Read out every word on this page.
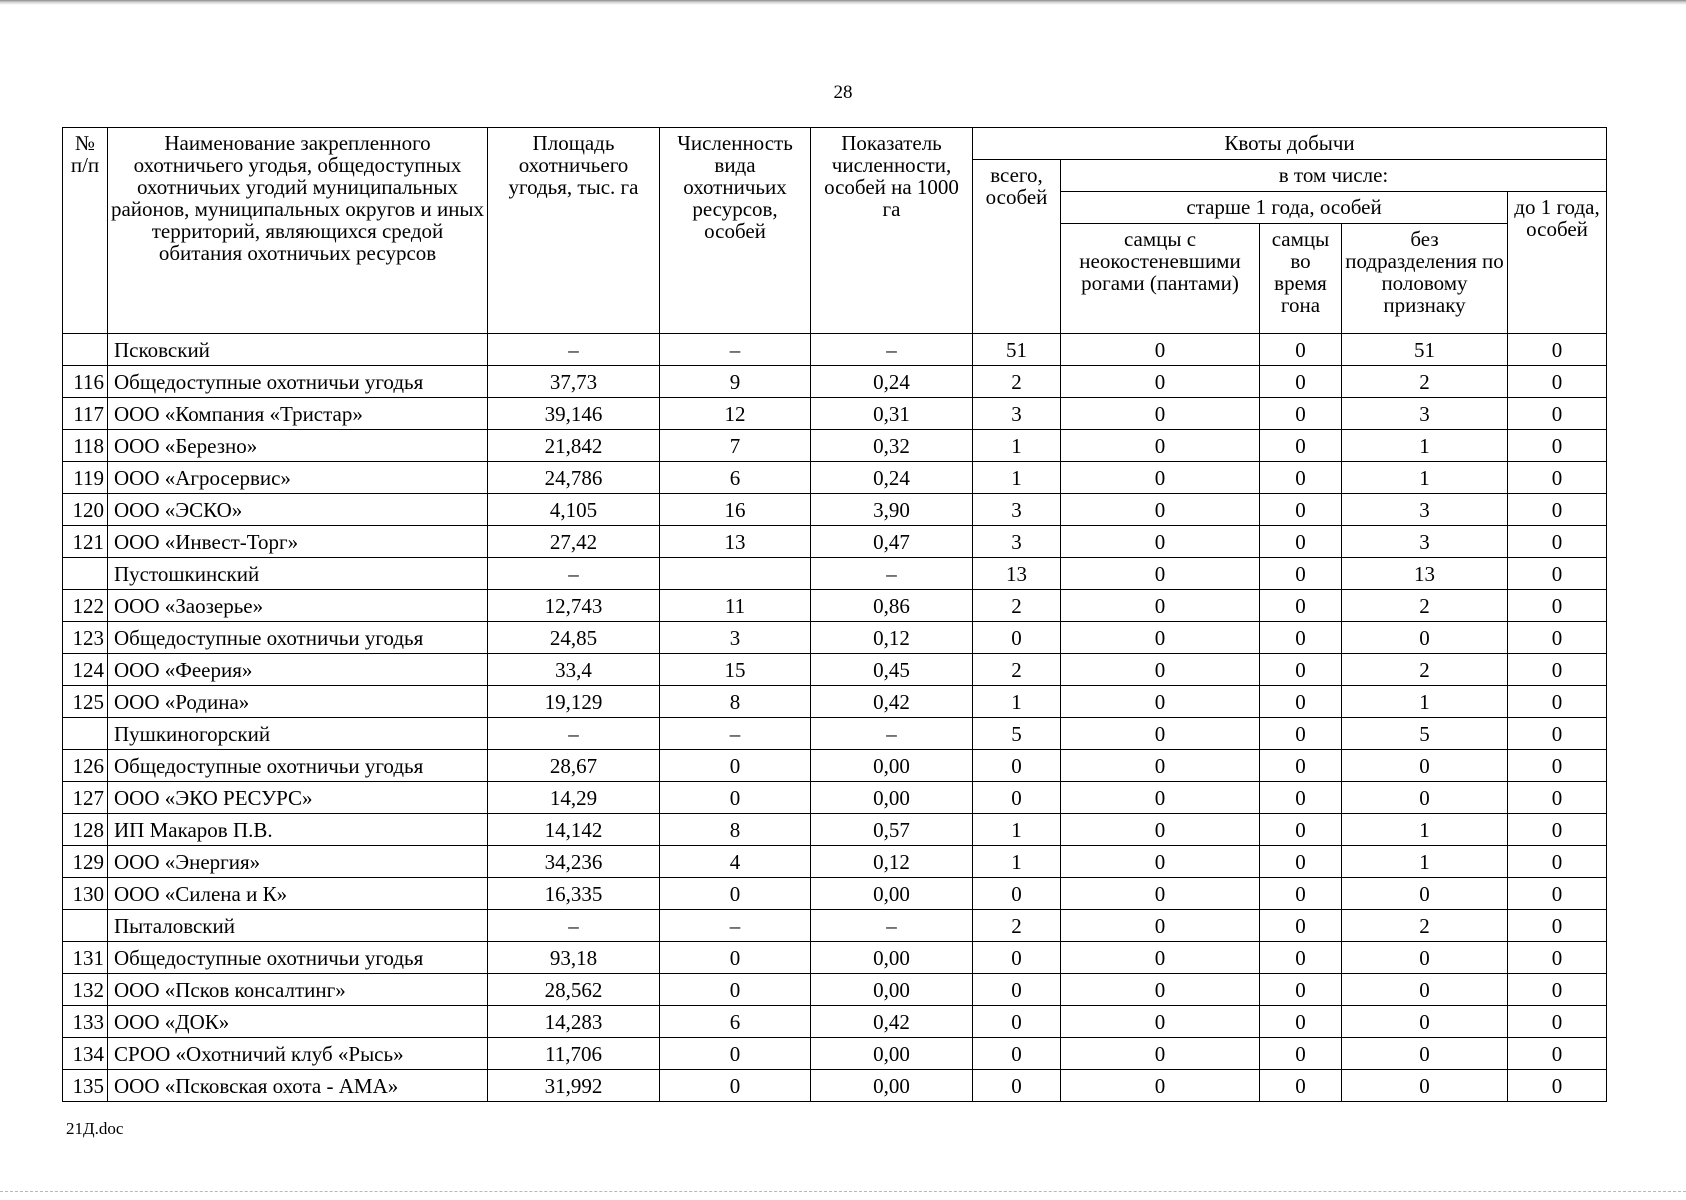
28
№ п/п	Наименование закрепленного охотничьего угодья, общедоступных охотничьих угодий муниципальных районов, муниципальных округов и иных территорий, являющихся средой обитания охотничьих ресурсов	Площадь охотничьего угодья, тыс. га	Численность вида охотничьих ресурсов, особей	Показатель численности, особей на 1000 га	Квоты добычи				
					всего, особей	в том числе:			
						старше 1 года, особей			до 1 года, особей
						самцы с неокостеневшими рогами (пантами)	самцы во время гона	без подразделения по половому признаку	
	Псковский	–	–	–	51	0	0	51	0
116	Общедоступные охотничьи угодья	37,73	9	0,24	2	0	0	2	0
117	ООО «Компания «Тристар»	39,146	12	0,31	3	0	0	3	0
118	ООО «Березно»	21,842	7	0,32	1	0	0	1	0
119	ООО «Агросервис»	24,786	6	0,24	1	0	0	1	0
120	ООО «ЭСКО»	4,105	16	3,90	3	0	0	3	0
121	ООО «Инвест-Торг»	27,42	13	0,47	3	0	0	3	0
	Пустошкинский	–		–	13	0	0	13	0
122	ООО «Заозерье»	12,743	11	0,86	2	0	0	2	0
123	Общедоступные охотничьи угодья	24,85	3	0,12	0	0	0	0	0
124	ООО «Феерия»	33,4	15	0,45	2	0	0	2	0
125	ООО «Родина»	19,129	8	0,42	1	0	0	1	0
	Пушкиногорский	–	–	–	5	0	0	5	0
126	Общедоступные охотничьи угодья	28,67	0	0,00	0	0	0	0	0
127	ООО «ЭКО РЕСУРС»	14,29	0	0,00	0	0	0	0	0
128	ИП Макаров П.В.	14,142	8	0,57	1	0	0	1	0
129	ООО «Энергия»	34,236	4	0,12	1	0	0	1	0
130	ООО «Силена и К»	16,335	0	0,00	0	0	0	0	0
	Пыталовский	–	–	–	2	0	0	2	0
131	Общедоступные охотничьи угодья	93,18	0	0,00	0	0	0	0	0
132	ООО «Псков консалтинг»	28,562	0	0,00	0	0	0	0	0
133	ООО «ДОК»	14,283	6	0,42	0	0	0	0	0
134	СРОО «Охотничий клуб «Рысь»	11,706	0	0,00	0	0	0	0	0
135	ООО «Псковская охота - АМА»	31,992	0	0,00	0	0	0	0	0
21Д.doc
